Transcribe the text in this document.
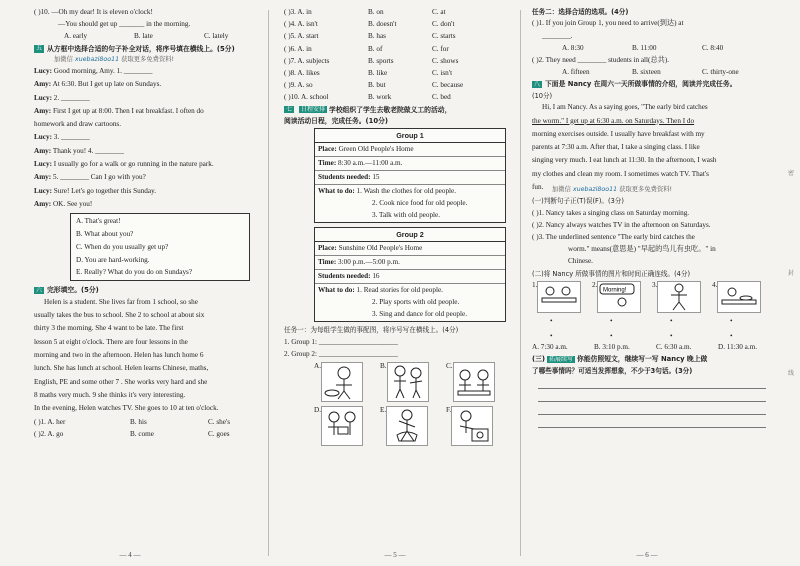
( )10. —Oh my dear! It is eleven o'clock!
—You should get up _______ in the morning.
A. early	B. late	C. lately
五 从方框中选择合适的句子补全对话，将序号填在横线上。(5分)
加微信 xuebazi8oo11 获取更多免费资料!
Lucy: Good morning, Amy. 1. ________
Amy: At 6:30. But I get up late on Sundays.
Lucy: 2. ________
Amy: First I get up at 8:00. Then I eat breakfast. I often do
homework and draw cartoons.
Lucy: 3. ________
Amy: Thank you! 4. ________
Lucy: I usually go for a walk or go running in the nature park.
Amy: 5. ________ Can I go with you?
Lucy: Sure! Let's go together this Sunday.
Amy: OK. See you!
A. That's great!
B. What about you?
C. When do you usually get up?
D. You are hard-working.
E. Really? What do you do on Sundays?
六 完形填空。(5分)
Helen is a student. She lives far from 1 school, so she
usually takes the bus to school. She 2 to school at about six
thirty 3 the morning. She 4 want to be late. The first
lesson 5 at eight o'clock. There are four lessons in the
morning and two in the afternoon. Helen has lunch home 6
lunch. She has lunch at school. Helen learns Chinese, maths,
English, PE and some other 7 . She works very hard and she
8 maths very much. 9 she thinks it's very interesting.
In the evening, Helen watches TV. She goes to 10 at ten o'clock.
( )1. A. her	B. his	C. she's
( )2. A. go	B. come	C. goes
— 4 —
( )3. A. in	B. on	C. at
( )4. A. isn't	B. doesn't	C. don't
( )5. A. start	B. has	C. starts
( )6. A. in	B. of	C. for
( )7. A. subjects	B. sports	C. shows
( )8. A. likes	B. like	C. isn't
( )9. A. so	B. but	C. because
( )10. A. school	B. work	C. bed
七	日程安排 学校组织了学生去敬老院做义工的活动，
阅读活动日程，完成任务。(10分)
Group 1
Place: Green Old People's Home
Time: 8:30 a.m.—11:00 a.m.
Students needed: 15
What to do: 1. Wash the clothes for old people.
2. Cook nice food for old people.
3. Talk with old people.
Group 2
Place: Sunshine Old People's Home
Time: 3:00 p.m.—5:00 p.m.
Students needed: 16
What to do: 1. Read stories for old people.
2. Play sports with old people.
3. Sing and dance for old people.
任务一：为每组学生做的事配图，将序号写在横线上。(4分)
1. Group 1: ______________________
2. Group 2: ______________________
A.	B.	C.
D.	E.	F.
— 5 —
任务二：选择合适的选项。(4分)
( )1. If you join Group 1, you need to arrive(到达) at
________.
A. 8:30	B. 11:00	C. 8:40
( )2. They need ________ students in all(总共).
A. fifteen	B. sixteen	C. thirty-one
八 下面是 Nancy 在周六一天所做事情的介绍，阅读并完成任务。
(10分)
Hi, I am Nancy. As a saying goes, "The early bird catches
the worm." I get up at 6:30 a.m. on Saturdays. Then I do
morning exercises outside. I usually have breakfast with my
parents at 7:30 a.m. After that, I take a singing class. I like
singing very much. I eat lunch at 11:30. In the afternoon, I wash
my clothes and clean my room. I sometimes watch TV. That's
fun.	加微信 xuebazi8oo11 获取更多免费资料!
(一)判断句子正(T)误(F)。(3分)
( )1. Nancy takes a singing class on Saturday morning.
( )2. Nancy always watches TV in the afternoon on Saturdays.
( )3. The underlined sentence "The early bird catches the
worm." means(意思是) "早起的鸟儿有虫吃。" in
Chinese.
(二)将 Nancy 所做事情的图片和时间正确连线。(4分)
1.	2.
Morning!
3.	4.
•	•	•	•
•	•	•	•
A. 7:30 a.m.	B. 3:10 p.m.	C. 6:30 a.m.	D. 11:30 a.m.
(三) 拓展续写 你能仿照短文，继续写一写 Nancy 晚上做
了哪些事情吗？可适当发挥想象，不少于3句话。(3分)
— 6 —
密
封
线
